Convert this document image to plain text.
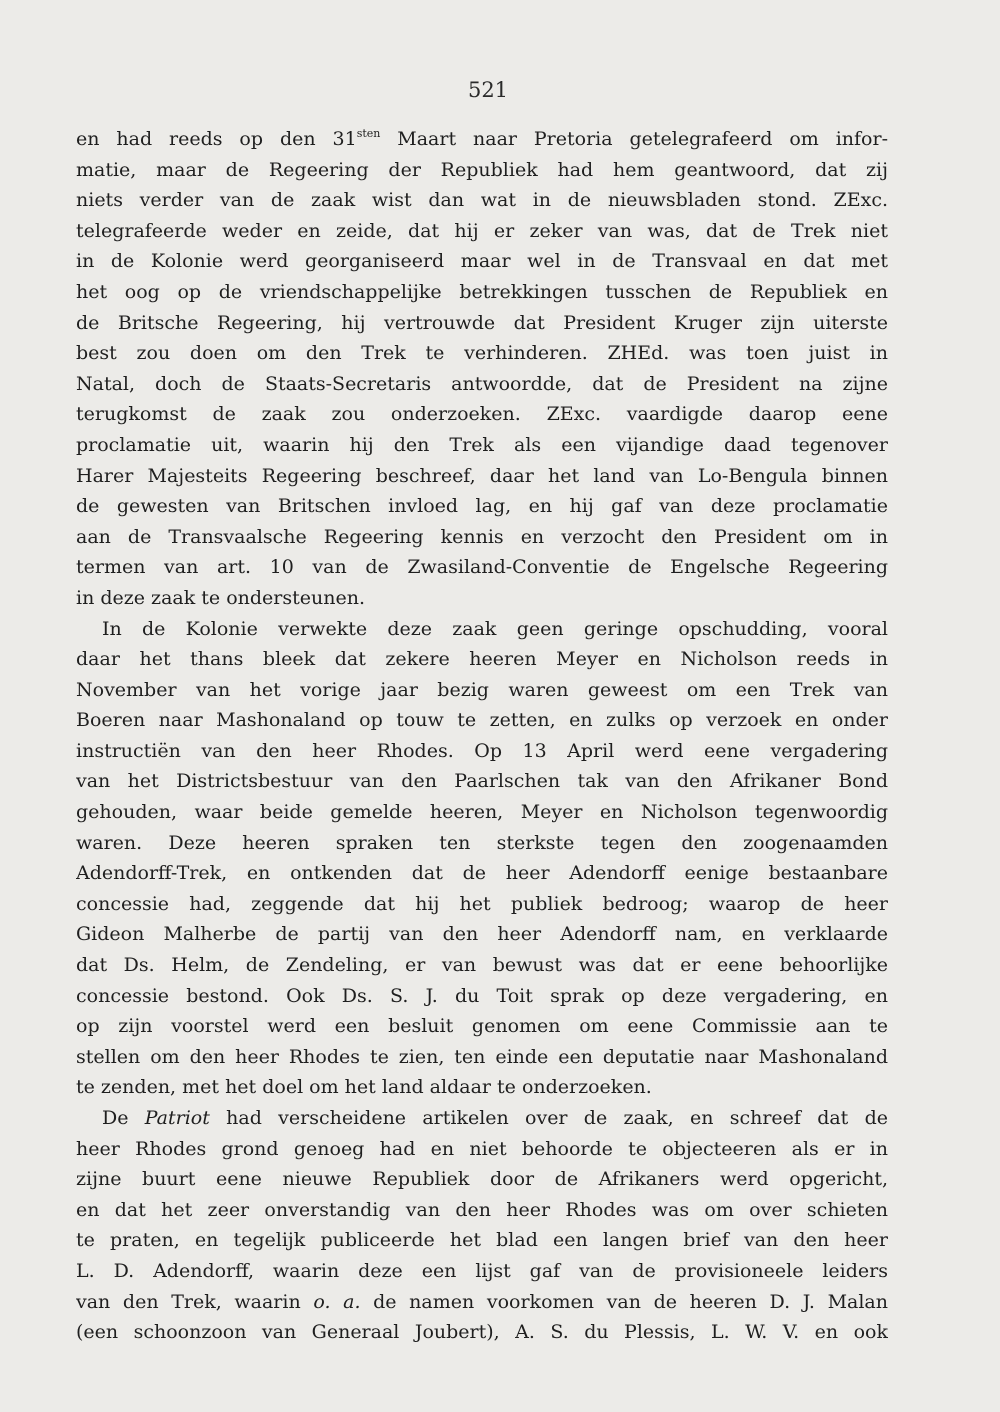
521
en had reeds op den $31^{sten}$ Maart naar Pretoria getelegrafeerd om infor-
matie, maar de Regeering der Republiek had hem geantwoord, dat zij
niets verder van de zaak wist dan wat in de nieuwsbladen stond. ZExc.
telegrafeerde weder en zeide, dat hij er zeker van was, dat de Trek niet
in de Kolonie werd georganiseerd maar wel in de Transvaal en dat met
het oog op de vriendschappelijke betrekkingen tusschen de Republiek en
de Britsche Regeering, hij vertrouwde dat President Kruger zijn uiterste
best zou doen om den Trek te verhinderen. ZHEd. was toen juist in
Natal, doch de Staats-Secretaris antwoordde, dat de President na zijne
terugkomst de zaak zou onderzoeken. ZExc. vaardigde daarop eene
proclamatie uit, waarin hij den Trek als een vijandige daad tegenover
Harer Majesteits Regeering beschreef, daar het land van Lo-Bengula binnen
de gewesten van Britschen invloed lag, en hij gaf van deze proclamatie
aan de Transvaalsche Regeering kennis en verzocht den President om in
termen van art. 10 van de Zwasiland-Conventie de Engelsche Regeering
in deze zaak te ondersteunen.
In de Kolonie verwekte deze zaak geen geringe opschudding, vooral
daar het thans bleek dat zekere heeren Meyer en Nicholson reeds in
November van het vorige jaar bezig waren geweest om een Trek van
Boeren naar Mashonaland op touw te zetten, en zulks op verzoek en onder
instructiën van den heer Rhodes. Op 13 April werd eene vergadering
van het Districtsbestuur van den Paarlschen tak van den Afrikaner Bond
gehouden, waar beide gemelde heeren, Meyer en Nicholson tegenwoordig
waren. Deze heeren spraken ten sterkste tegen den zoogenaamden
Adendorff-Trek, en ontkenden dat de heer Adendorff eenige bestaanbare
concessie had, zeggende dat hij het publiek bedroog; waarop de heer
Gideon Malherbe de partij van den heer Adendorff nam, en verklaarde
dat Ds. Helm, de Zendeling, er van bewust was dat er eene behoorlijke
concessie bestond. Ook Ds. S. J. du Toit sprak op deze vergadering, en
op zijn voorstel werd een besluit genomen om eene Commissie aan te
stellen om den heer Rhodes te zien, ten einde een deputatie naar Mashonaland
te zenden, met het doel om het land aldaar te onderzoeken.
De Patriot had verscheidene artikelen over de zaak, en schreef dat de
heer Rhodes grond genoeg had en niet behoorde te objecteeren als er in
zijne buurt eene nieuwe Republiek door de Afrikaners werd opgericht,
en dat het zeer onverstandig van den heer Rhodes was om over schieten
te praten, en tegelijk publiceerde het blad een langen brief van den heer
L. D. Adendorff, waarin deze een lijst gaf van de provisioneele leiders
van den Trek, waarin o. a. de namen voorkomen van de heeren D. J. Malan
(een schoonzoon van Generaal Joubert), A. S. du Plessis, L. W. V. en ook
